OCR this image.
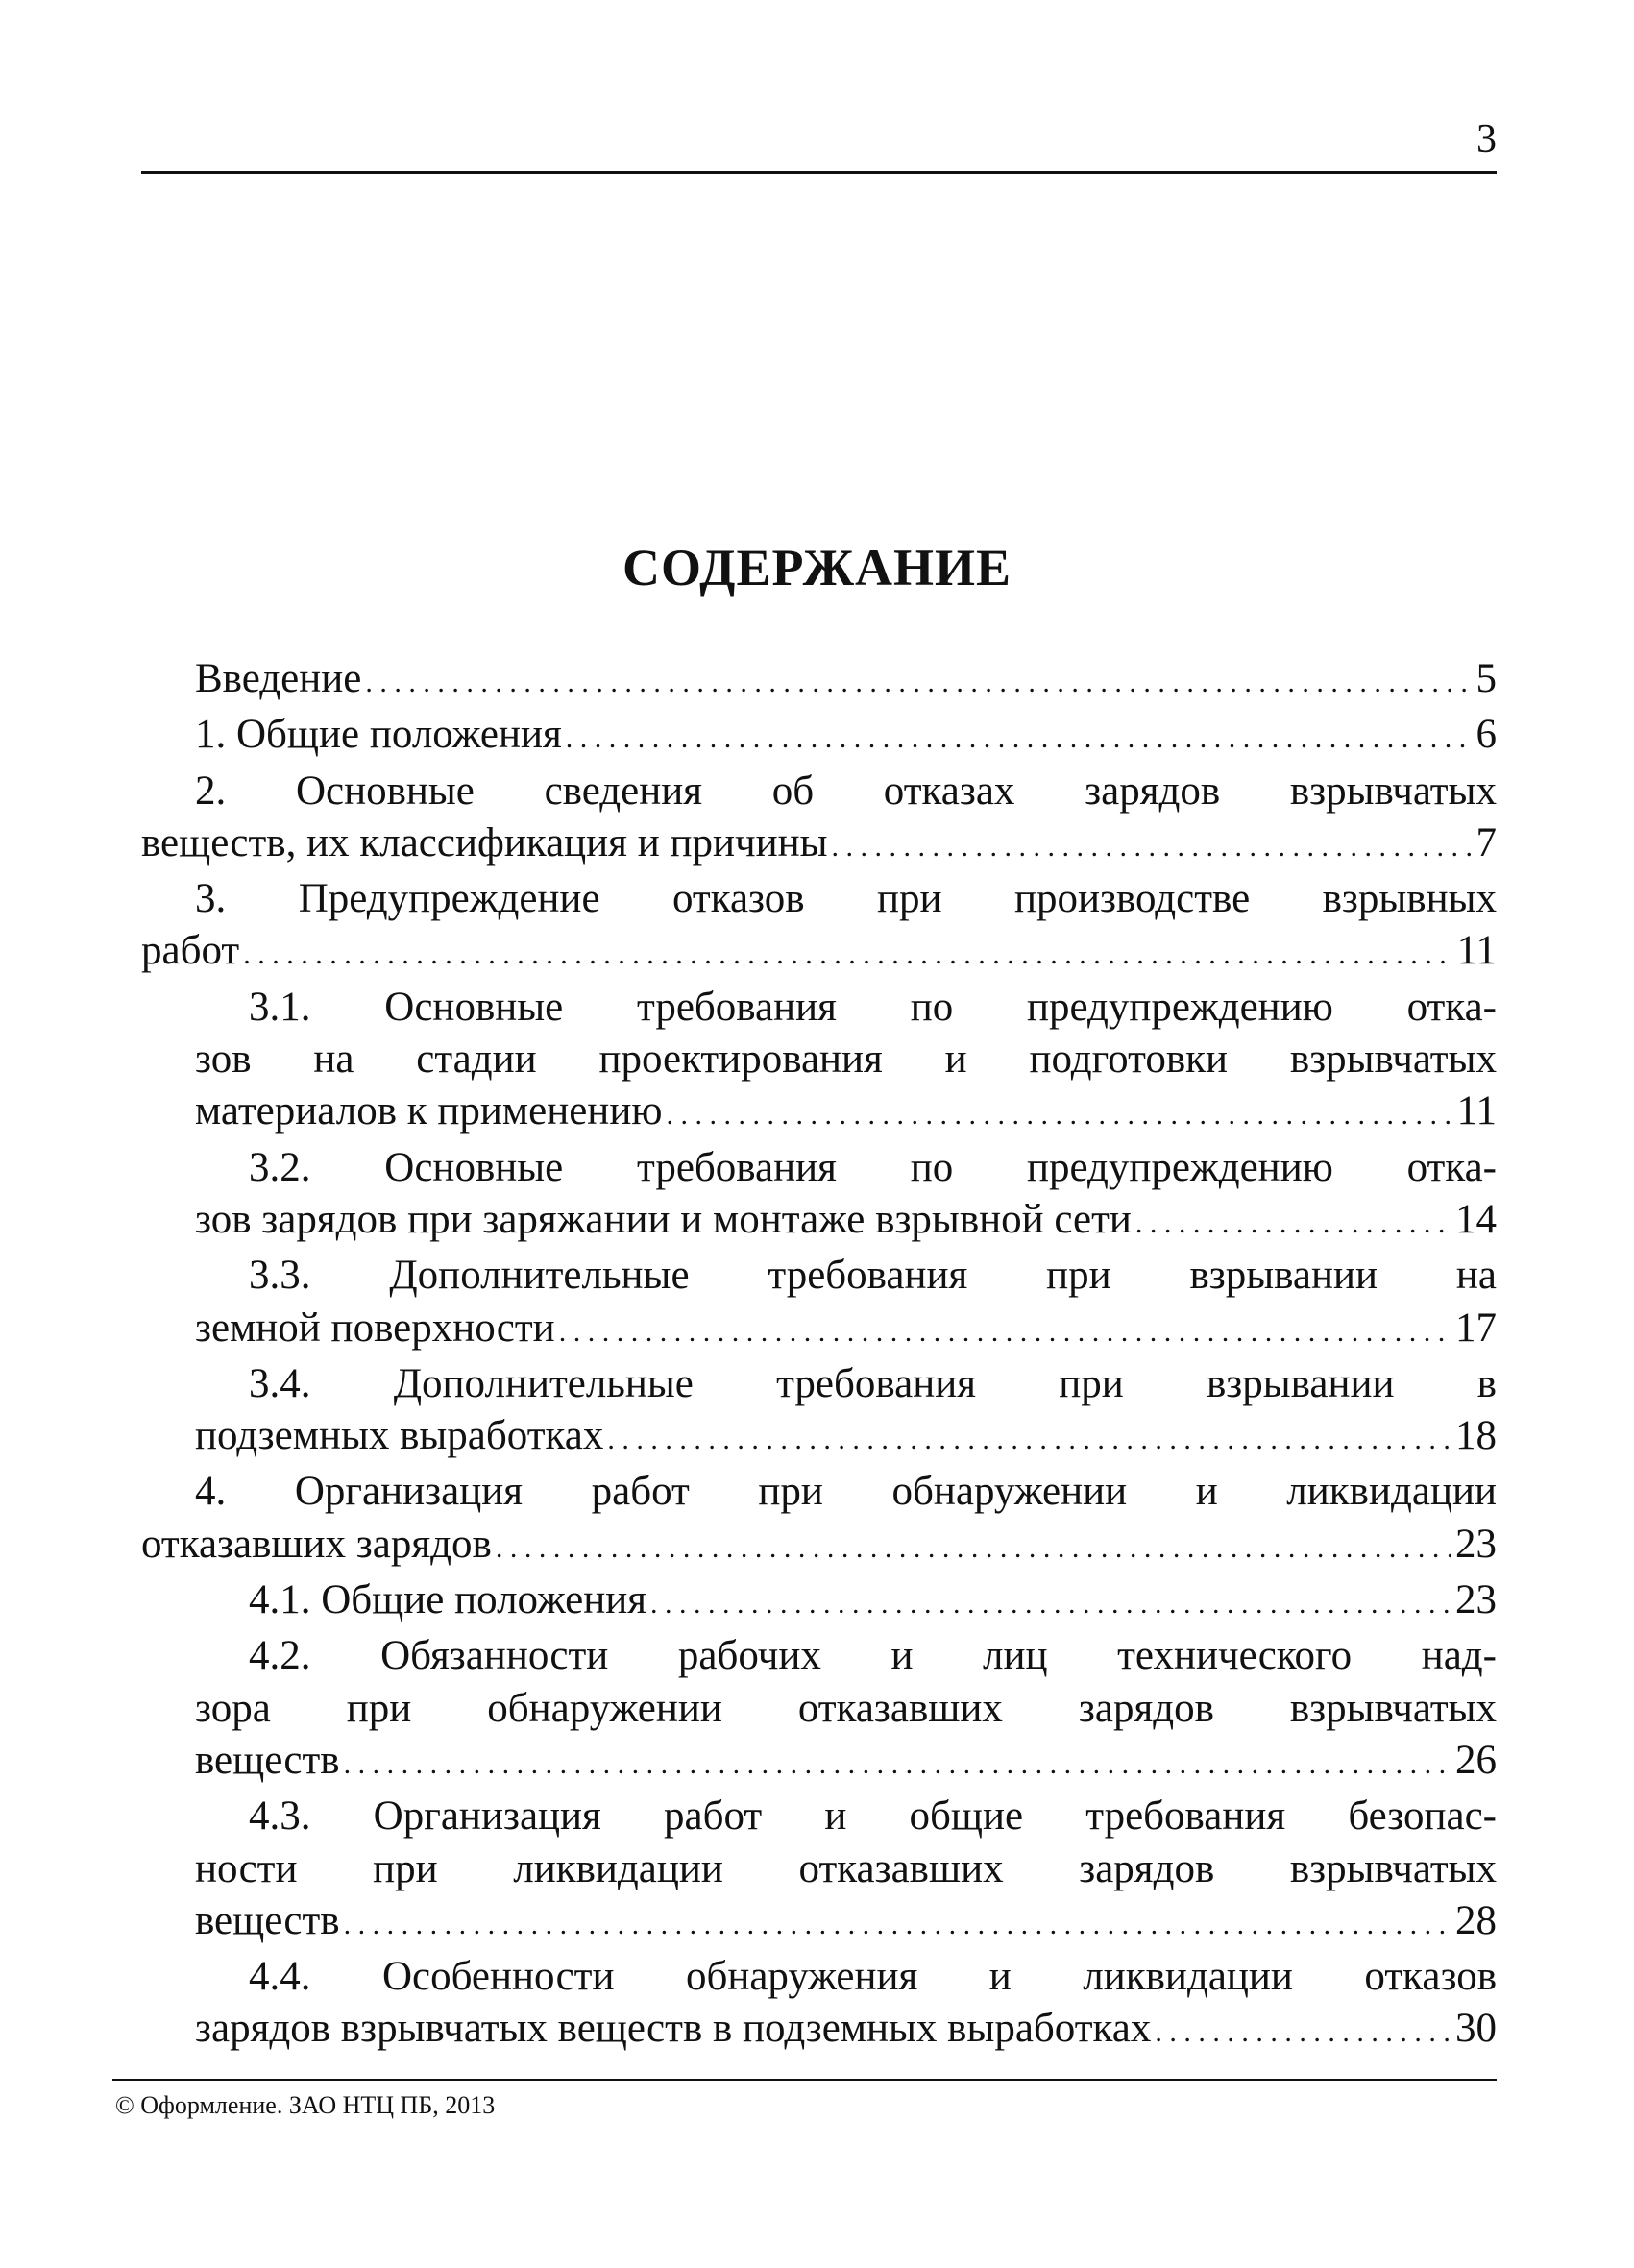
3
СОДЕРЖАНИЕ
Введение . . .	5
1. Общие положения . . .	6
2. Основные сведения об отказах зарядов взрывчатых
веществ, их классификация и причины . . .	7
3. Предупреждение отказов при производстве взрывных
работ . . .	11
3.1. Основные требования по предупреждению отка-
зов на стадии проектирования и подготовки взрывчатых
материалов к применению . . .	11
3.2. Основные требования по предупреждению отка-
зов зарядов при заряжании и монтаже взрывной сети . . .	14
3.3. Дополнительные требования при взрывании на
земной поверхности . . .	17
3.4. Дополнительные требования при взрывании в
подземных выработках . . .	18
4. Организация работ при обнаружении и ликвидации
отказавших зарядов . . .	23
4.1. Общие положения . . .	23
4.2. Обязанности рабочих и лиц технического над-
зора при обнаружении отказавших зарядов взрывчатых
веществ . . .	26
4.3. Организация работ и общие требования безопас-
ности при ликвидации отказавших зарядов взрывчатых
веществ . . .	28
4.4. Особенности обнаружения и ликвидации отказов
зарядов взрывчатых веществ в подземных выработках . . .	30
© Оформление. ЗАО НТЦ ПБ, 2013
